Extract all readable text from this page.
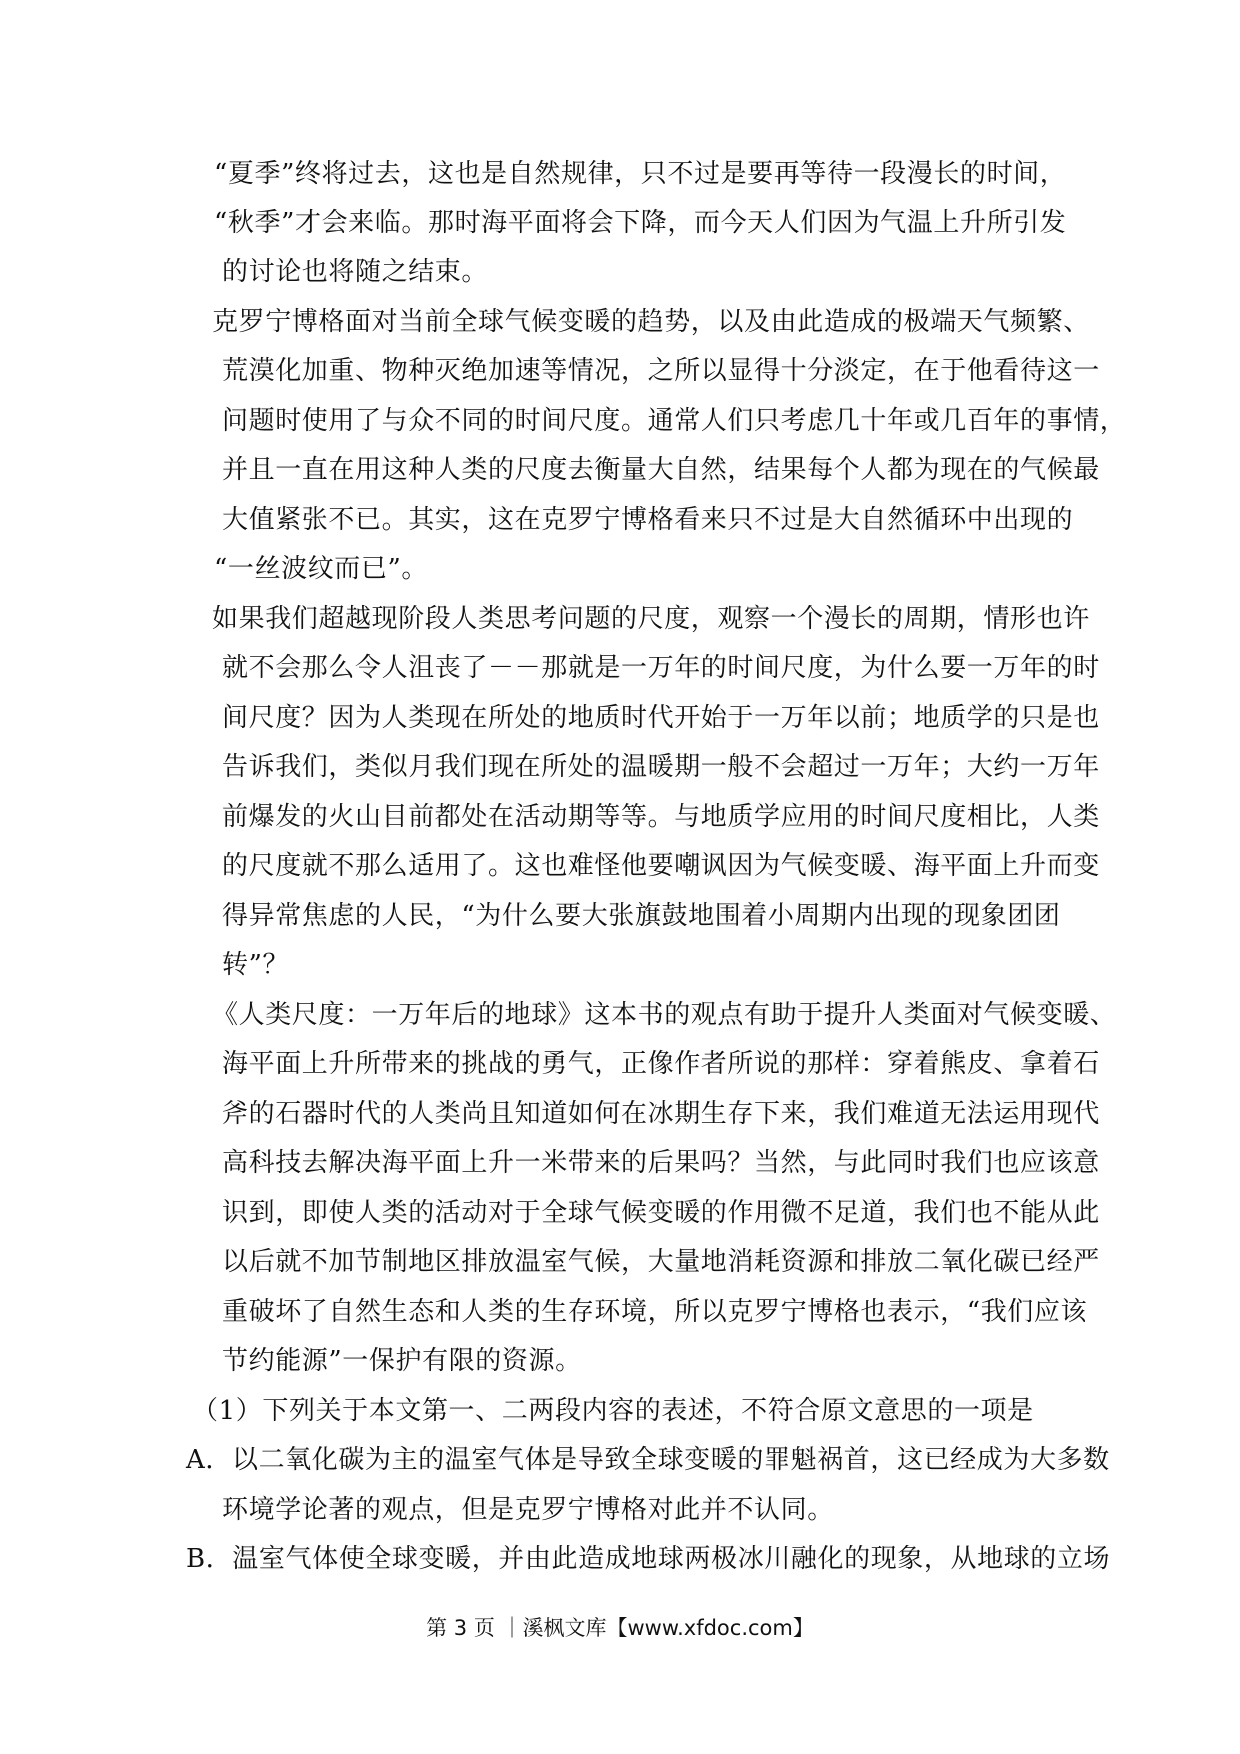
“夏季”终将过去，这也是自然规律，只不过是要再等待一段漫长的时间，
“秋季”才会来临。那时海平面将会下降，而今天人们因为气温上升所引发
的讨论也将随之结束。
克罗宁博格面对当前全球气候变暖的趋势，以及由此造成的极端天气频繁、
荒漠化加重、物种灭绝加速等情况，之所以显得十分淡定，在于他看待这一
问题时使用了与众不同的时间尺度。通常人们只考虑几十年或几百年的事情，
并且一直在用这种人类的尺度去衡量大自然，结果每个人都为现在的气候最
大值紧张不已。其实，这在克罗宁博格看来只不过是大自然循环中出现的
“一丝波纹而已”。
如果我们超越现阶段人类思考问题的尺度，观察一个漫长的周期，情形也许
就不会那么令人沮丧了－－那就是一万年的时间尺度，为什么要一万年的时
间尺度？因为人类现在所处的地质时代开始于一万年以前；地质学的只是也
告诉我们，类似月我们现在所处的温暖期一般不会超过一万年；大约一万年
前爆发的火山目前都处在活动期等等。与地质学应用的时间尺度相比，人类
的尺度就不那么适用了。这也难怪他要嘲讽因为气候变暖、海平面上升而变
得异常焦虑的人民，“为什么要大张旗鼓地围着小周期内出现的现象团团
转”？
《人类尺度：一万年后的地球》这本书的观点有助于提升人类面对气候变暖、
海平面上升所带来的挑战的勇气，正像作者所说的那样：穿着熊皮、拿着石
斧的石器时代的人类尚且知道如何在冰期生存下来，我们难道无法运用现代
高科技去解决海平面上升一米带来的后果吗？当然，与此同时我们也应该意
识到，即使人类的活动对于全球气候变暖的作用微不足道，我们也不能从此
以后就不加节制地区排放温室气候，大量地消耗资源和排放二氧化碳已经严
重破坏了自然生态和人类的生存环境，所以克罗宁博格也表示，“我们应该
节约能源”一保护有限的资源。
（1）下列关于本文第一、二两段内容的表述，不符合原文意思的一项是
A．以二氧化碳为主的温室气体是导致全球变暖的罪魁祸首，这已经成为大多数
环境学论著的观点，但是克罗宁博格对此并不认同。
B．温室气体使全球变暖，并由此造成地球两极冰川融化的现象，从地球的立场
第 3 页 ｜溪枫文库【www.xfdoc.com】
